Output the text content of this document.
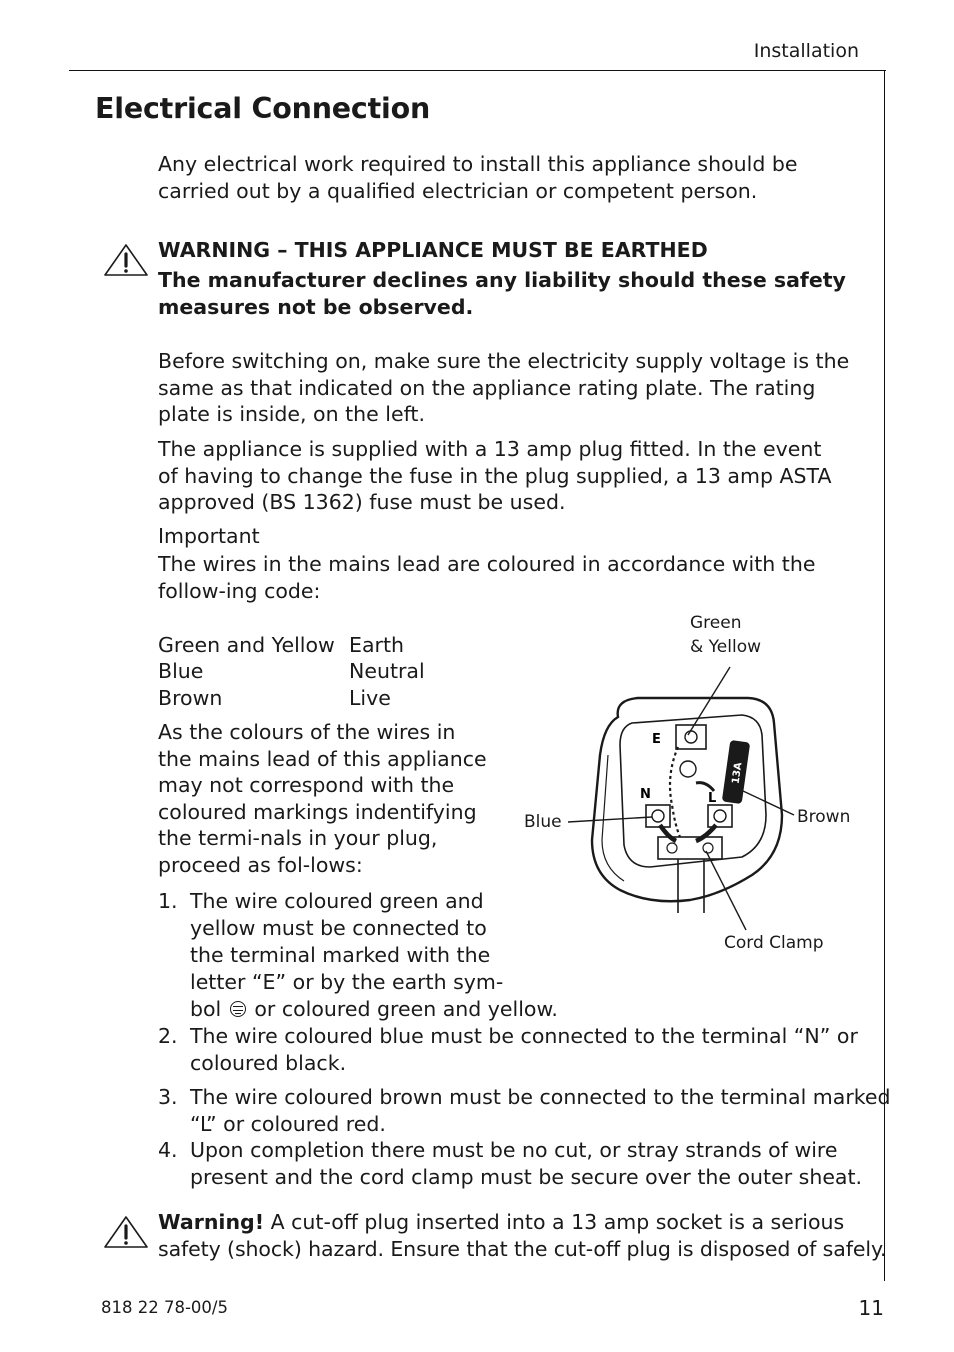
Installation
Electrical Connection
Any electrical work required to install this appliance should be carried out by a qualified electrician or competent person.
WARNING – THIS APPLIANCE MUST BE EARTHED
The manufacturer declines any liability should these safety measures not be observed.
Before switching on, make sure the electricity supply voltage is the same as that indicated on the appliance rating plate. The rating plate is inside, on the left.
The appliance is supplied with a 13 amp plug fitted. In the event of having to change the fuse in the plug supplied, a 13 amp ASTA approved (BS 1362) fuse must be used.
Important
The wires in the mains lead are coloured in accordance with the follow-ing code:
Green and Yellow Earth
Blue	Neutral
Brown	Live
As the colours of the wires in the mains lead of this appliance may not correspond with the coloured markings indentifying the termi-nals in your plug, proceed as fol-lows:
1. The wire coloured green and
yellow must be connected to
the terminal marked with the
letter “E” or by the earth sym-
bol or coloured green and yellow.
2. The wire coloured blue must be connected to the terminal “N” or
coloured black.
3. The wire coloured brown must be connected to the terminal marked
“L” or coloured red.
4. Upon completion there must be no cut, or stray strands of wire
present and the cord clamp must be secure over the outer sheat.
Warning! A cut-off plug inserted into a 13 amp socket is a serious
safety (shock) hazard. Ensure that the cut-off plug is disposed of safely.
E
13A
N	L
Green
& Yellow
Blue	Brown
Cord Clamp
818 22 78-00/5	11
